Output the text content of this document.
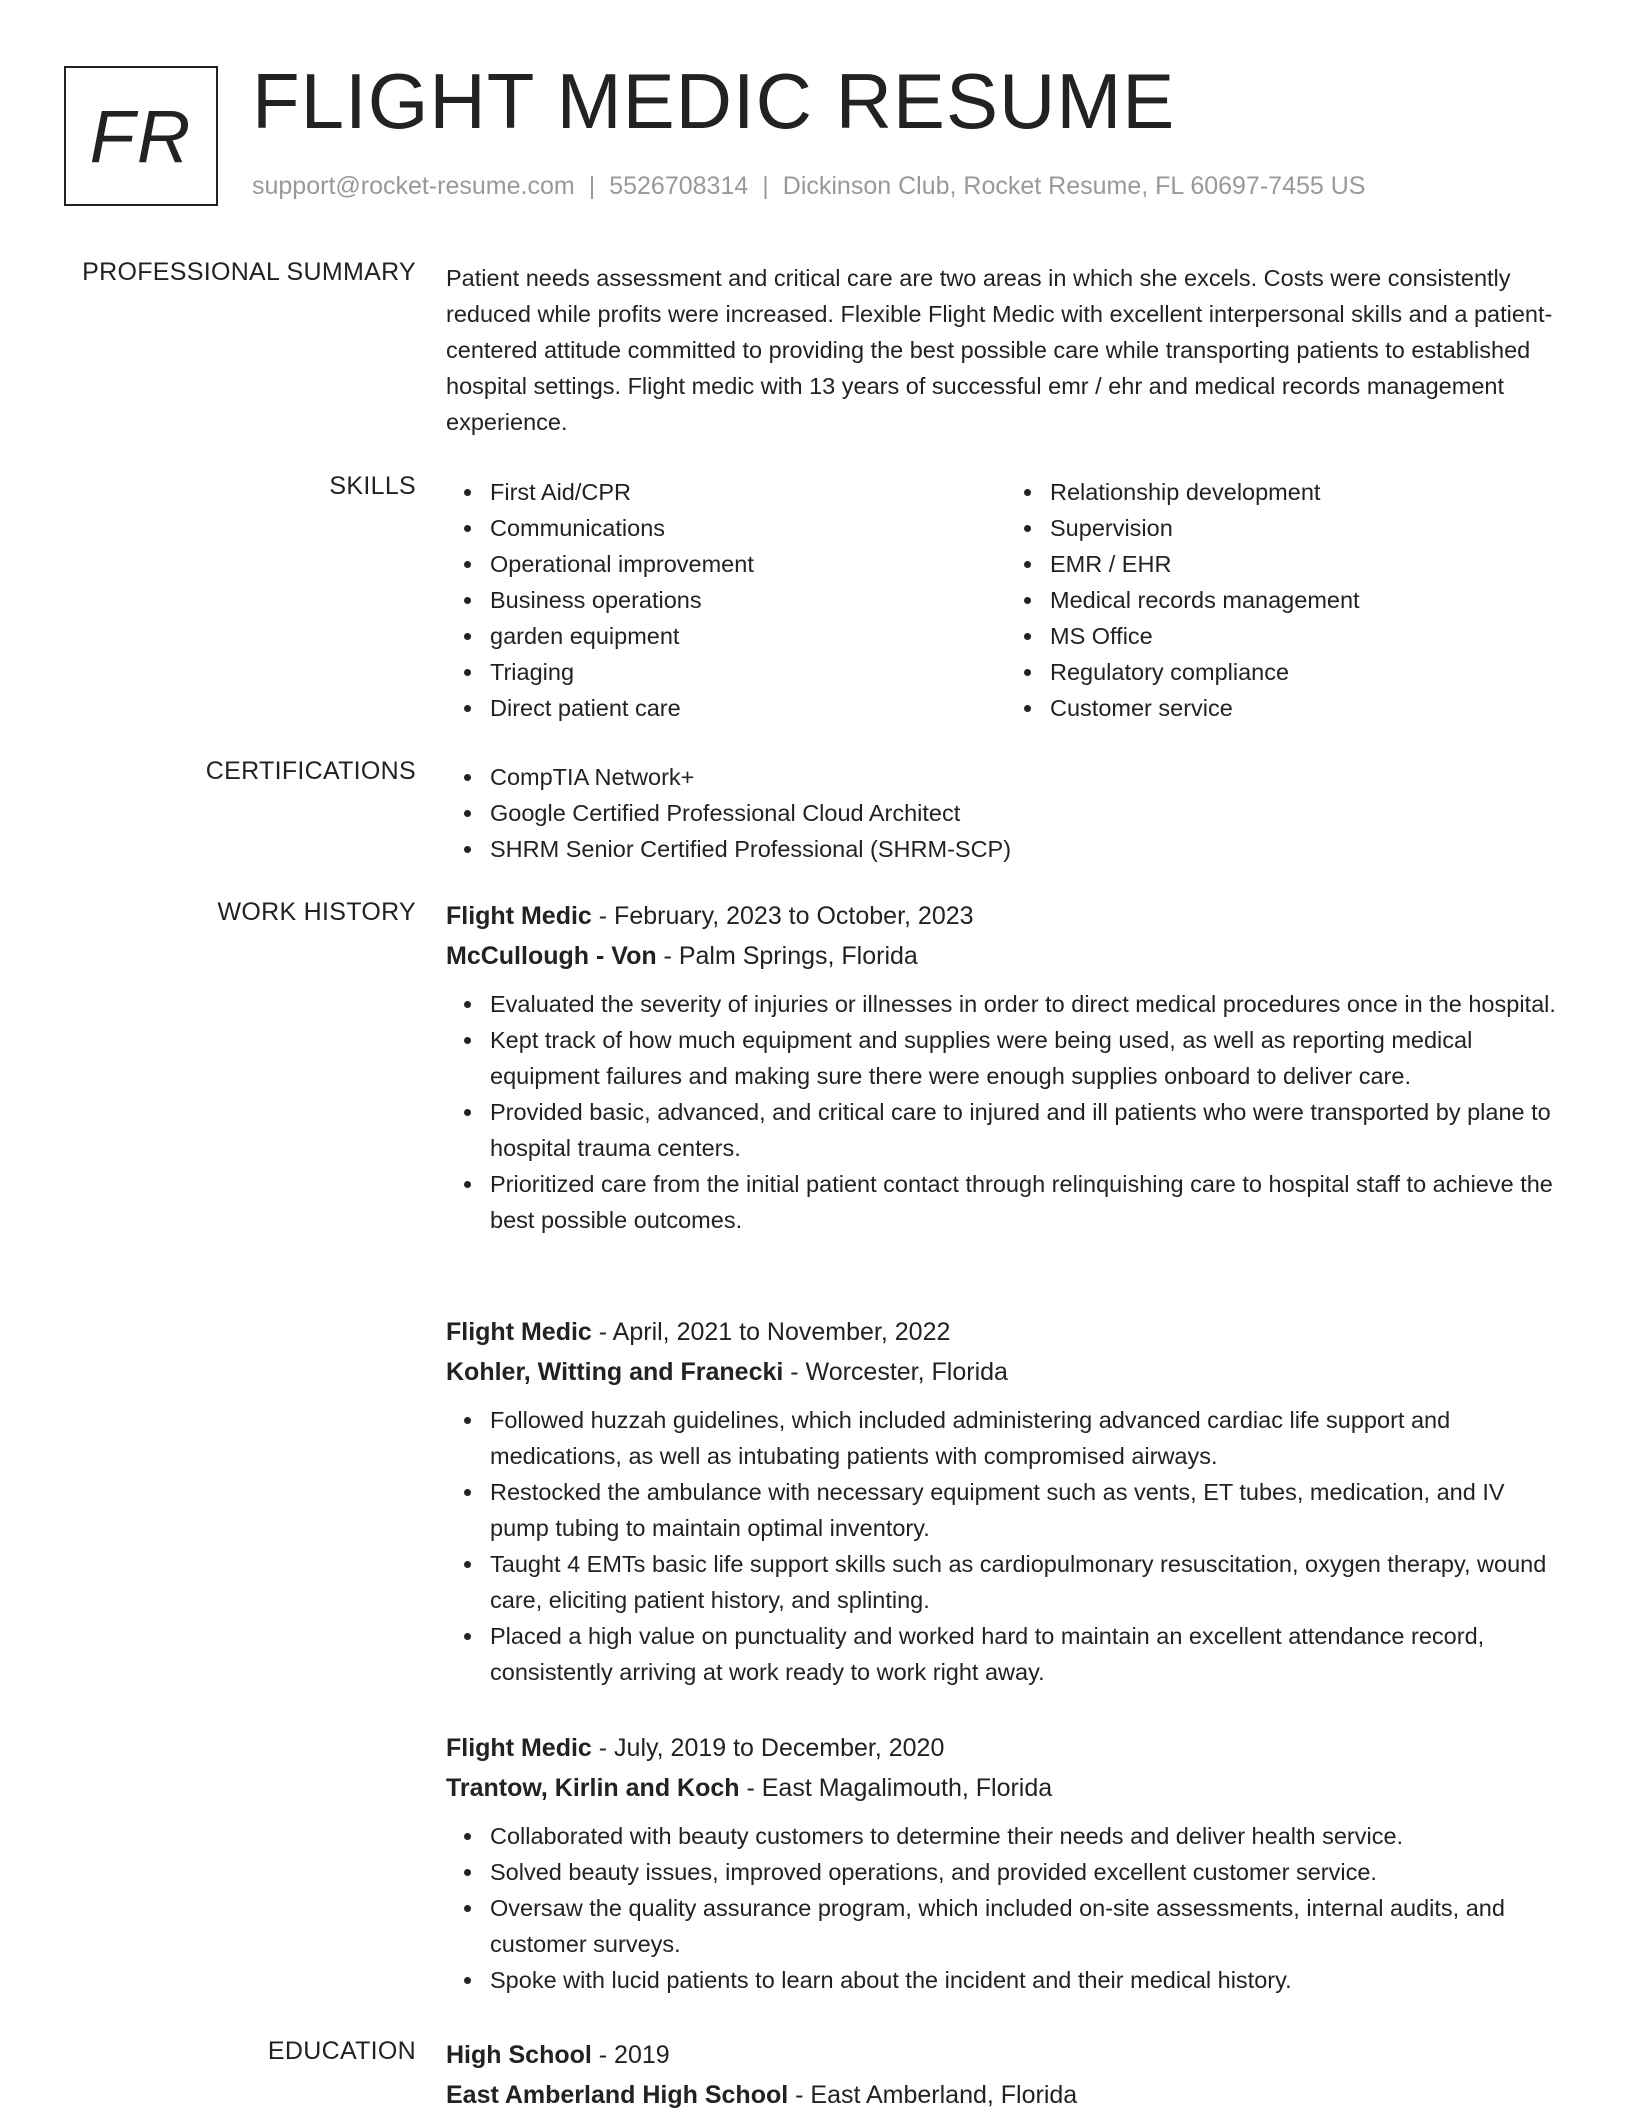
FR FLIGHT MEDIC RESUME
support@rocket-resume.com | 5526708314 | Dickinson Club, Rocket Resume, FL 60697-7455 US
PROFESSIONAL SUMMARY Patient needs assessment and critical care are two areas in which she excels. Costs were consistently reduced while profits were increased. Flexible Flight Medic with excellent interpersonal skills and a patient-centered attitude committed to providing the best possible care while transporting patients to established hospital settings. Flight medic with 13 years of successful emr / ehr and medical records management experience.

SKILLS	First Aid/CPR
Communications
Operational improvement
Business operations
garden equipment
Triaging
Direct patient care
Relationship development
Supervision
EMR / EHR
Medical records management
MS Office
Regulatory compliance
Customer service
CERTIFICATIONS	CompTIA Network+
Google Certified Professional Cloud Architect
SHRM Senior Certified Professional (SHRM-SCP)
WORK HISTORY Flight Medic - February, 2023 to October, 2023
McCullough - Von - Palm Springs, Florida
Evaluated the severity of injuries or illnesses in order to direct medical procedures once in the hospital.
Kept track of how much equipment and supplies were being used, as well as reporting medical equipment failures and making sure there were enough supplies onboard to deliver care.
Provided basic, advanced, and critical care to injured and ill patients who were transported by plane to hospital trauma centers.
Prioritized care from the initial patient contact through relinquishing care to hospital staff to achieve the best possible outcomes.
Flight Medic - April, 2021 to November, 2022
Kohler, Witting and Franecki - Worcester, Florida
Followed huzzah guidelines, which included administering advanced cardiac life support and medications, as well as intubating patients with compromised airways.
Restocked the ambulance with necessary equipment such as vents, ET tubes, medication, and IV pump tubing to maintain optimal inventory.
Taught 4 EMTs basic life support skills such as cardiopulmonary resuscitation, oxygen therapy, wound care, eliciting patient history, and splinting.
Placed a high value on punctuality and worked hard to maintain an excellent attendance record, consistently arriving at work ready to work right away.
Flight Medic - July, 2019 to December, 2020
Trantow, Kirlin and Koch - East Magalimouth, Florida
Collaborated with beauty customers to determine their needs and deliver health service.
Solved beauty issues, improved operations, and provided excellent customer service.
Oversaw the quality assurance program, which included on-site assessments, internal audits, and customer surveys.
Spoke with lucid patients to learn about the incident and their medical history.
EDUCATION High School - 2019
East Amberland High School - East Amberland, Florida
